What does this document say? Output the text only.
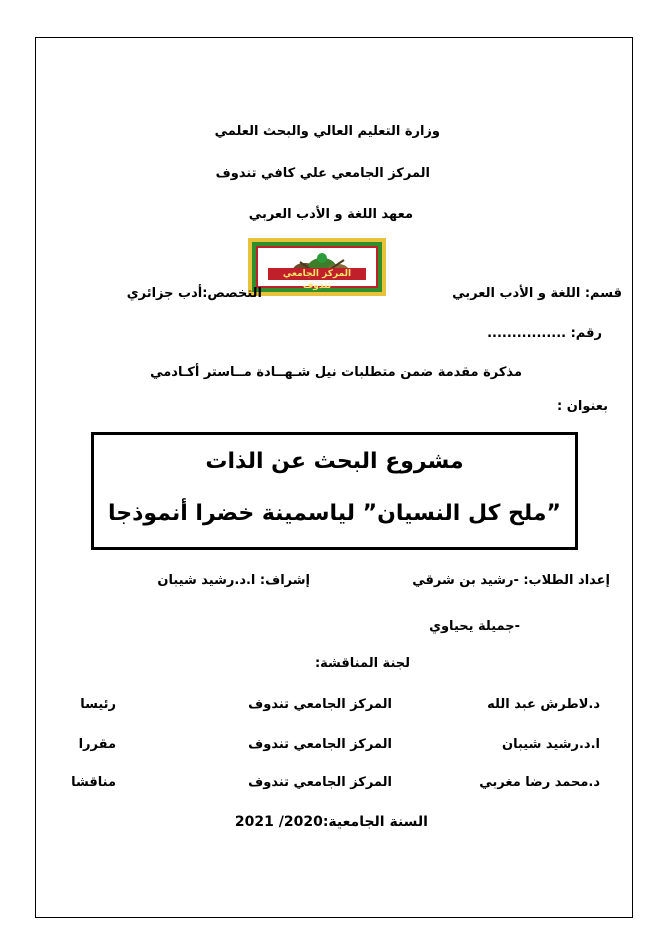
وزارة التعليم العالي والبحث العلمي
المركز الجامعي علي كافي تندوف
معهد اللغة و الأدب العربي
المركز الجامعي تندوف	قسم: اللغة و الأدب العربي
التخصص:أدب جزائري
رقم: ................
مذكرة مقدمة ضمن متطلبات نيل شـهــادة مــاستر أكـادمي
بعنوان :
مشروع البحث عن الذات
”ملح كل النسيان” لياسمينة خضرا أنموذجا
إعداد الطلاب: -رشيد بن شرقي
إشراف: ا.د.رشيد شيبان
-جميلة يحياوي
لجنة المناقشة:
د.لاطرش عبد الله
المركز الجامعي تندوف
رئيسا
ا.د.رشيد شيبان
المركز الجامعي تندوف
مقررا
د.محمد رضا مغربي
المركز الجامعي تندوف
مناقشا
السنة الجامعية:2020/ 2021
